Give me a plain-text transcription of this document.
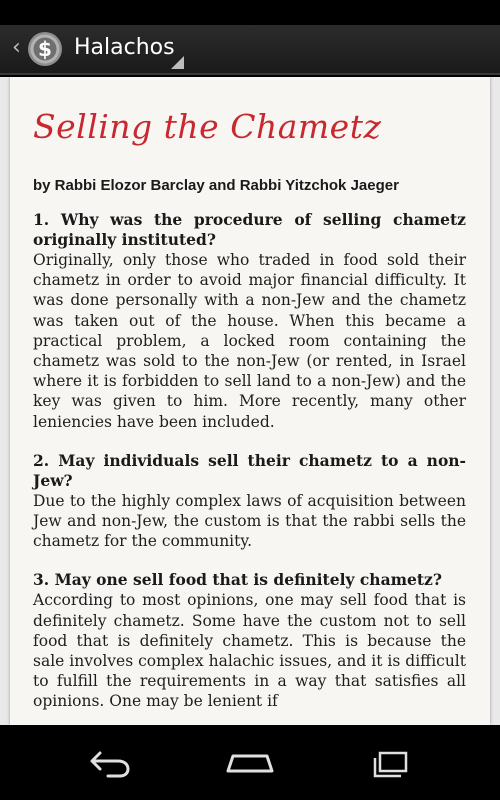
‹ $ Halachos
Selling the Chametz

by Rabbi Elozor Barclay and Rabbi Yitzchok Jaeger

1. Why was the procedure of selling chametz originally instituted?

Originally, only those who traded in food sold their chametz in order to avoid major financial difficulty. It was done personally with a non-Jew and the chametz was taken out of the house. When this became a practical problem, a locked room containing the chametz was sold to the non-Jew (or rented, in Israel where it is forbidden to sell land to a non-Jew) and the key was given to him. More recently, many other leniencies have been included.

2. May individuals sell their chametz to a non-Jew?

Due to the highly complex laws of acquisition between Jew and non-Jew, the custom is that the rabbi sells the chametz for the community.

3. May one sell food that is definitely chametz?

According to most opinions, one may sell food that is definitely chametz. Some have the custom not to sell food that is definitely chametz. This is because the sale involves complex halachic issues, and it is difficult to fulfill the requirements in a way that satisfies all opinions. One may be lenient if
